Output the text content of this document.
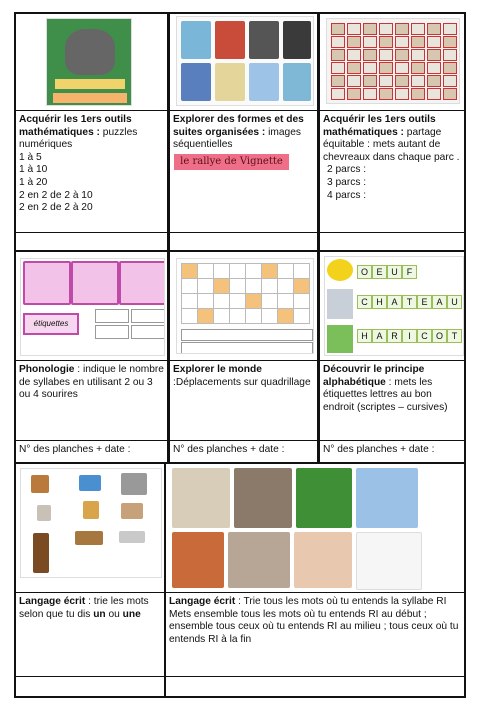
Acquérir les 1ers outils mathématiques : puzzles numériques
1 à 5
1 à 10
1 à 20
2 en 2 de 2 à 10
2 en 2 de 2 à 20
Explorer des formes et des suites organisées : images séquentielles
le rallye de Vignette
Acquérir les 1ers outils mathématiques : partage équitable : mets autant de chevreaux dans chaque parc .
2 parcs :
3 parcs :
4 parcs :
étiquettes
Phonologie : indique le nombre de syllabes en utilisant 2 ou 3 ou 4 sourires
N° des planches + date :
Explorer le monde :Déplacements sur quadrillage
N° des planches + date :
O E U	F
C H A	T	E A U
H A R	I	C O T
Découvrir le principe alphabétique : mets les étiquettes lettres au bon endroit (scriptes – cursives)
N° des planches + date :
Langage écrit : trie les mots selon que tu dis un ou une
Langage écrit : Trie tous les mots où tu entends la syllabe RI
Mets ensemble tous les mots où tu entends RI au début ; ensemble tous ceux où tu entends RI au milieu ; tous ceux où tu entends RI à la fin
